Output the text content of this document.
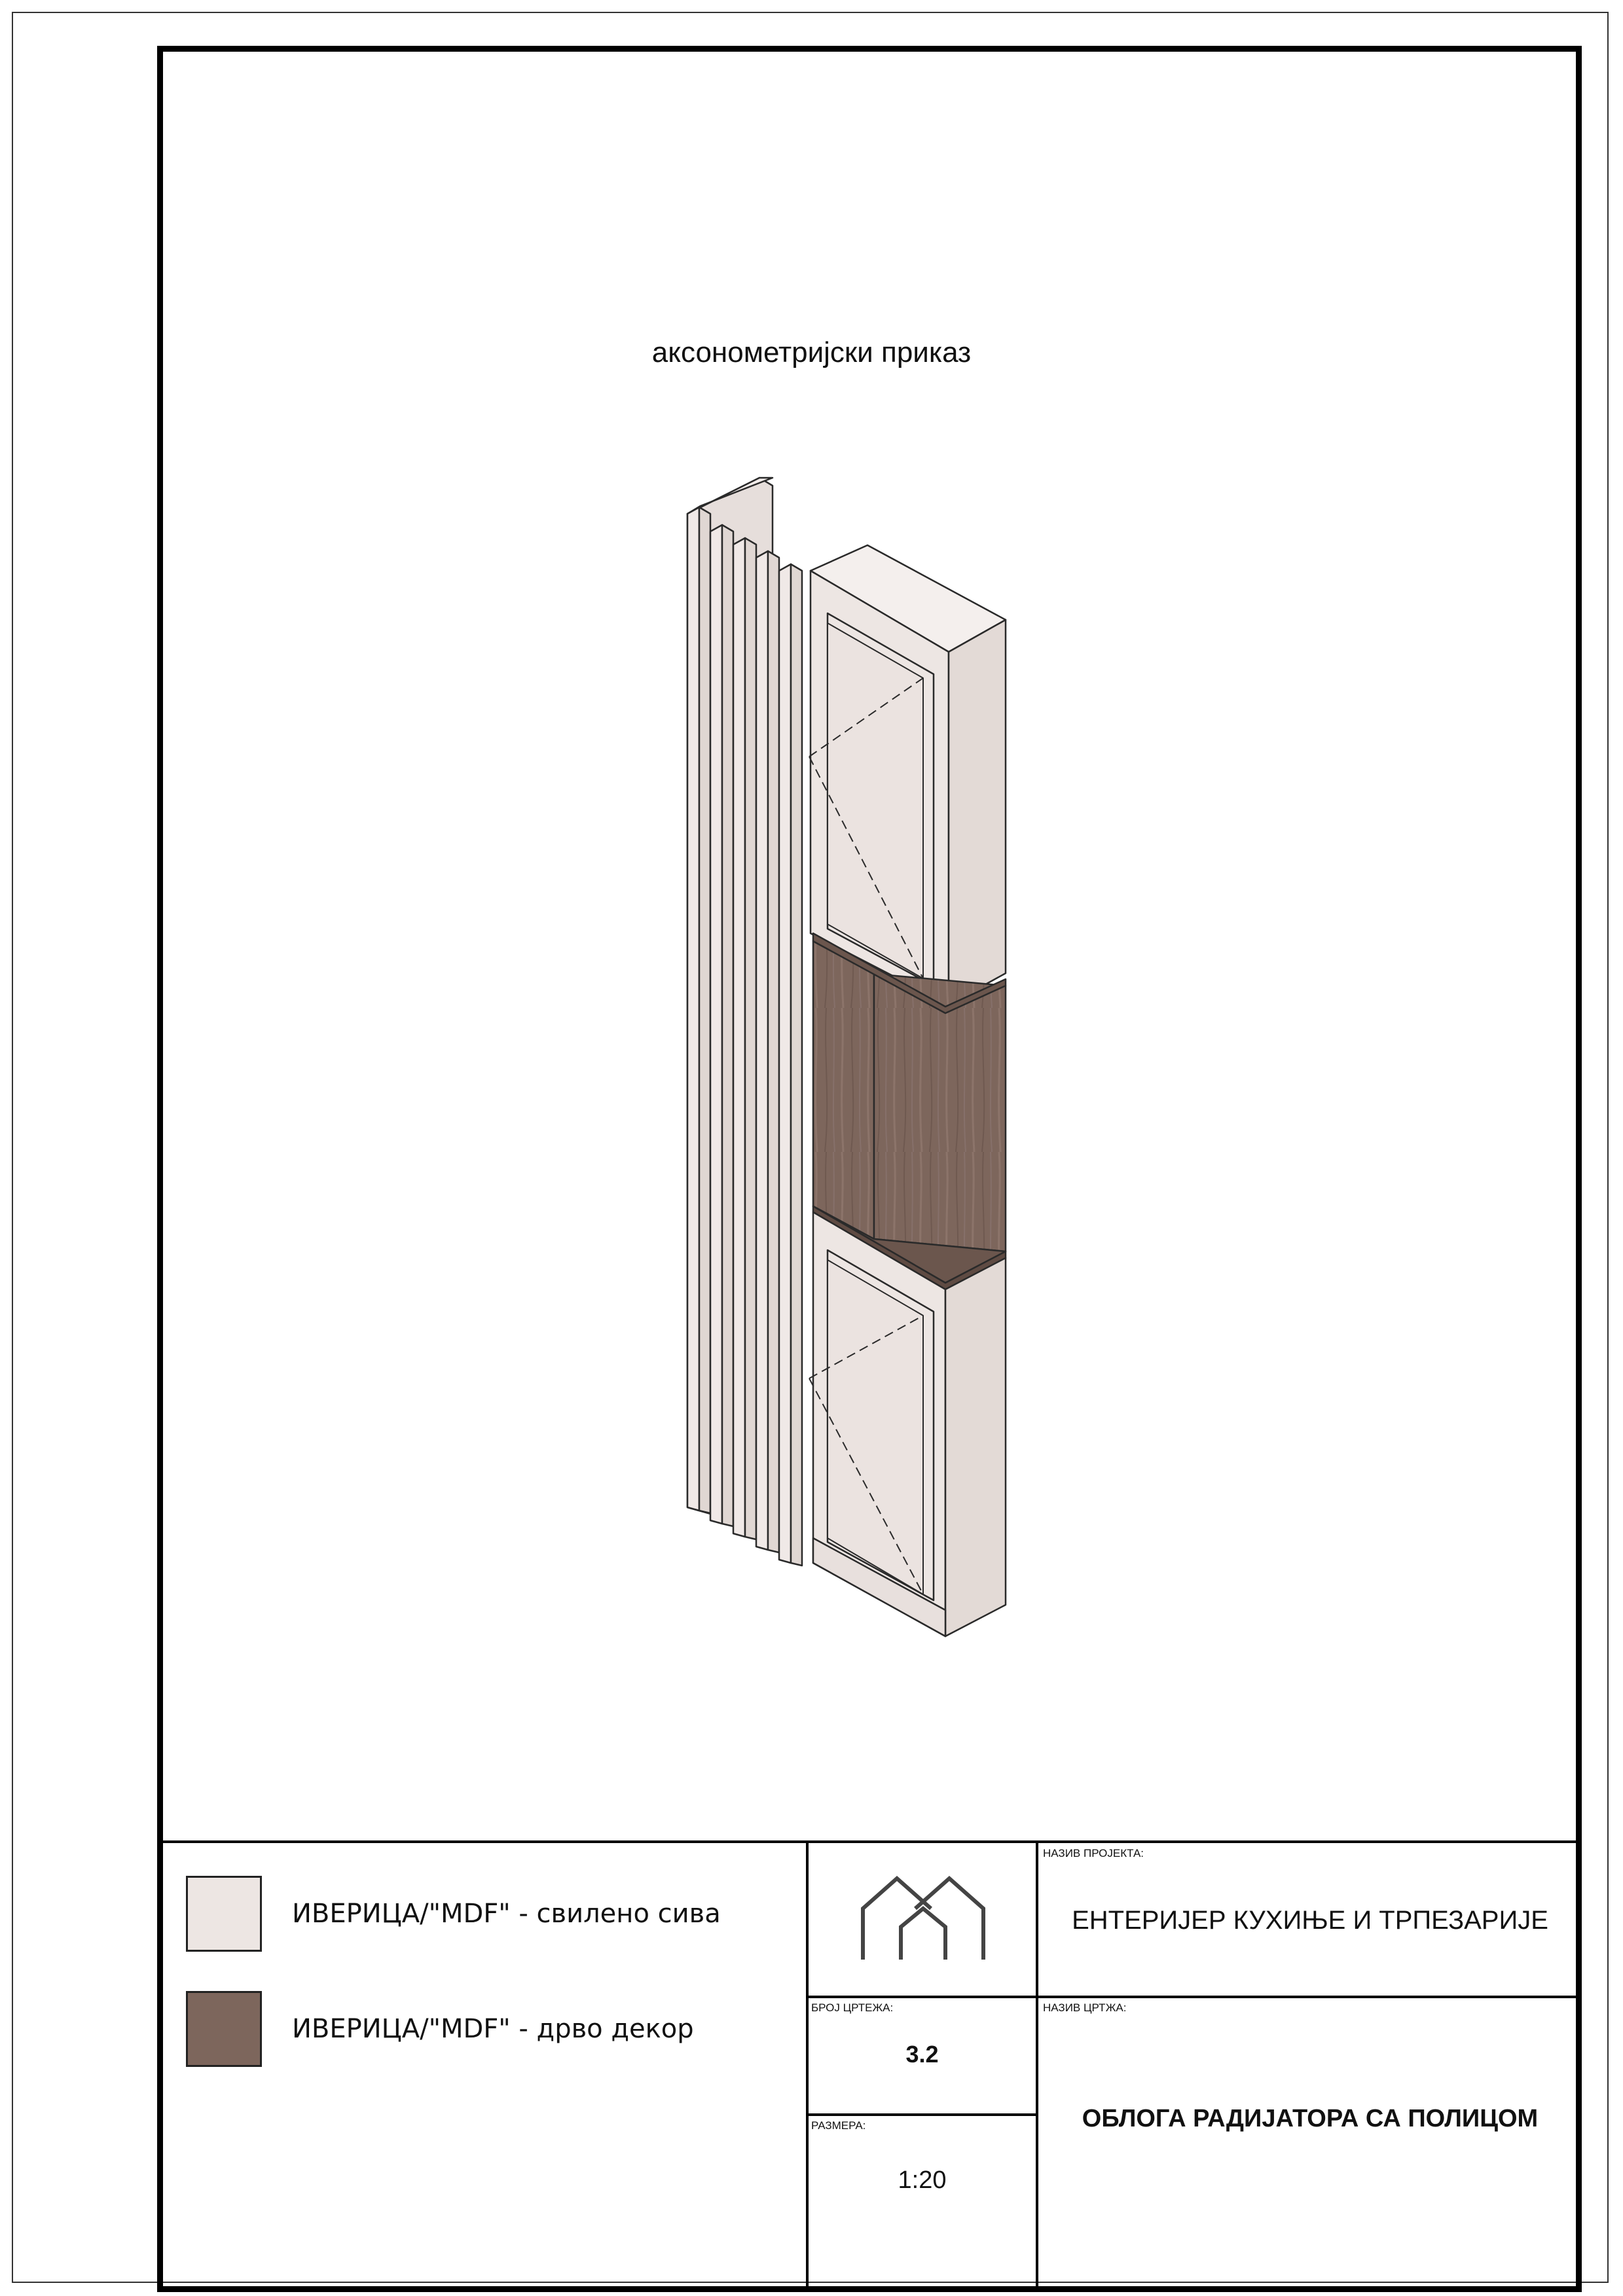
аксонометријски приказ
ИВЕРИЦА/"MDF" - свилено сива
ИВЕРИЦА/"MDF" - дрво декор
НАЗИВ ПРОЈЕКТА:
ЕНТЕРИЈЕР КУХИЊЕ И ТРПЕЗАРИЈЕ
БРОЈ ЦРТЕЖА:
3.2
НАЗИВ ЦРТЖА:
ОБЛОГА РАДИЈАТОРА СА ПОЛИЦОМ
РАЗМЕРА:
1:20
